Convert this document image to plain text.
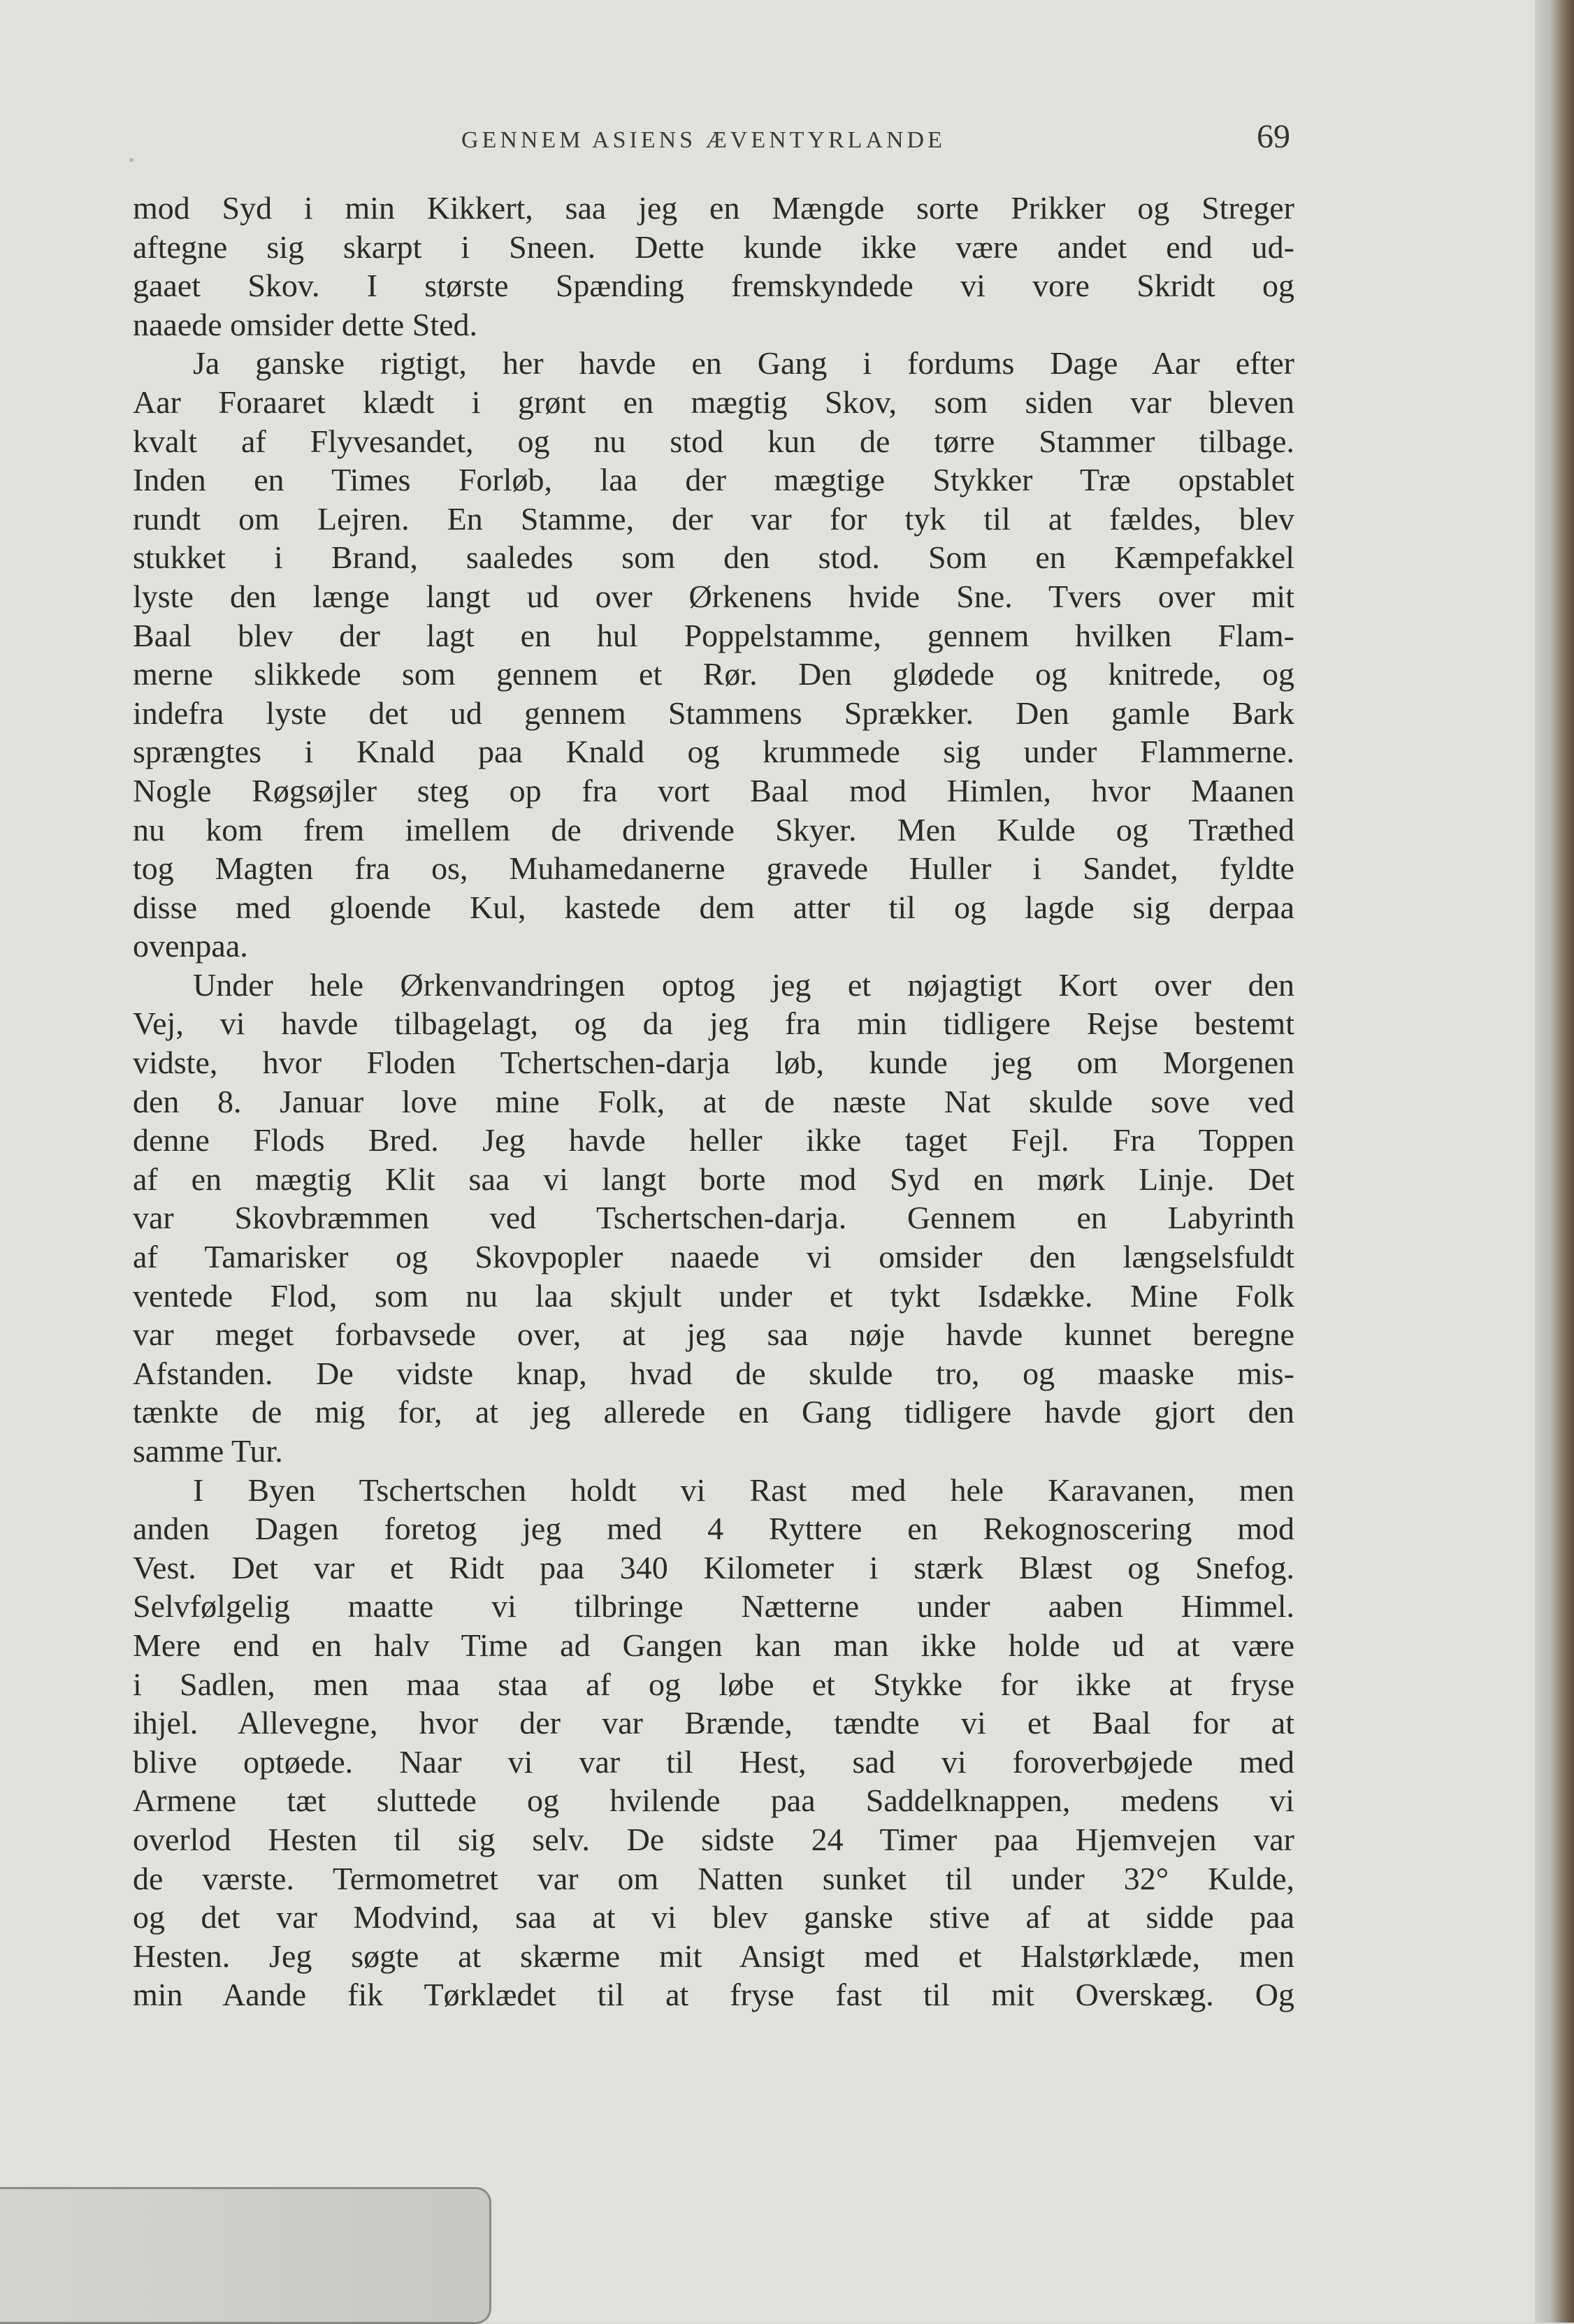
GENNEM ASIENS ÆVENTYRLANDE	69
mod Syd i min Kikkert, saa jeg en Mængde sorte Prikker og Streger
aftegne sig skarpt i Sneen. Dette kunde ikke være andet end ud-
gaaet Skov. I største Spænding fremskyndede vi vore Skridt og
naaede omsider dette Sted.
Ja ganske rigtigt, her havde en Gang i fordums Dage Aar efter
Aar Foraaret klædt i grønt en mægtig Skov, som siden var bleven
kvalt af Flyvesandet, og nu stod kun de tørre Stammer tilbage.
Inden en Times Forløb, laa der mægtige Stykker Træ opstablet
rundt om Lejren. En Stamme, der var for tyk til at fældes, blev
stukket i Brand, saaledes som den stod. Som en Kæmpefakkel
lyste den længe langt ud over Ørkenens hvide Sne. Tvers over mit
Baal blev der lagt en hul Poppelstamme, gennem hvilken Flam-
merne slikkede som gennem et Rør. Den glødede og knitrede, og
indefra lyste det ud gennem Stammens Sprækker. Den gamle Bark
sprængtes i Knald paa Knald og krummede sig under Flammerne.
Nogle Røgsøjler steg op fra vort Baal mod Himlen, hvor Maanen
nu kom frem imellem de drivende Skyer. Men Kulde og Træthed
tog Magten fra os, Muhamedanerne gravede Huller i Sandet, fyldte
disse med gloende Kul, kastede dem atter til og lagde sig derpaa
ovenpaa.
Under hele Ørkenvandringen optog jeg et nøjagtigt Kort over den
Vej, vi havde tilbagelagt, og da jeg fra min tidligere Rejse bestemt
vidste, hvor Floden Tchertschen-darja løb, kunde jeg om Morgenen
den 8. Januar love mine Folk, at de næste Nat skulde sove ved
denne Flods Bred. Jeg havde heller ikke taget Fejl. Fra Toppen
af en mægtig Klit saa vi langt borte mod Syd en mørk Linje. Det
var Skovbræmmen ved Tschertschen-darja. Gennem en Labyrinth
af Tamarisker og Skovpopler naaede vi omsider den længselsfuldt
ventede Flod, som nu laa skjult under et tykt Isdække. Mine Folk
var meget forbavsede over, at jeg saa nøje havde kunnet beregne
Afstanden. De vidste knap, hvad de skulde tro, og maaske mis-
tænkte de mig for, at jeg allerede en Gang tidligere havde gjort den
samme Tur.
I Byen Tschertschen holdt vi Rast med hele Karavanen, men
anden Dagen foretog jeg med 4 Ryttere en Rekognoscering mod
Vest. Det var et Ridt paa 340 Kilometer i stærk Blæst og Snefog.
Selvfølgelig maatte vi tilbringe Nætterne under aaben Himmel.
Mere end en halv Time ad Gangen kan man ikke holde ud at være
i Sadlen, men maa staa af og løbe et Stykke for ikke at fryse
ihjel. Allevegne, hvor der var Brænde, tændte vi et Baal for at
blive optøede. Naar vi var til Hest, sad vi foroverbøjede med
Armene tæt sluttede og hvilende paa Saddelknappen, medens vi
overlod Hesten til sig selv. De sidste 24 Timer paa Hjemvejen var
de værste. Termometret var om Natten sunket til under 32° Kulde,
og det var Modvind, saa at vi blev ganske stive af at sidde paa
Hesten. Jeg søgte at skærme mit Ansigt med et Halstørklæde, men
min Aande fik Tørklædet til at fryse fast til mit Overskæg. Og
